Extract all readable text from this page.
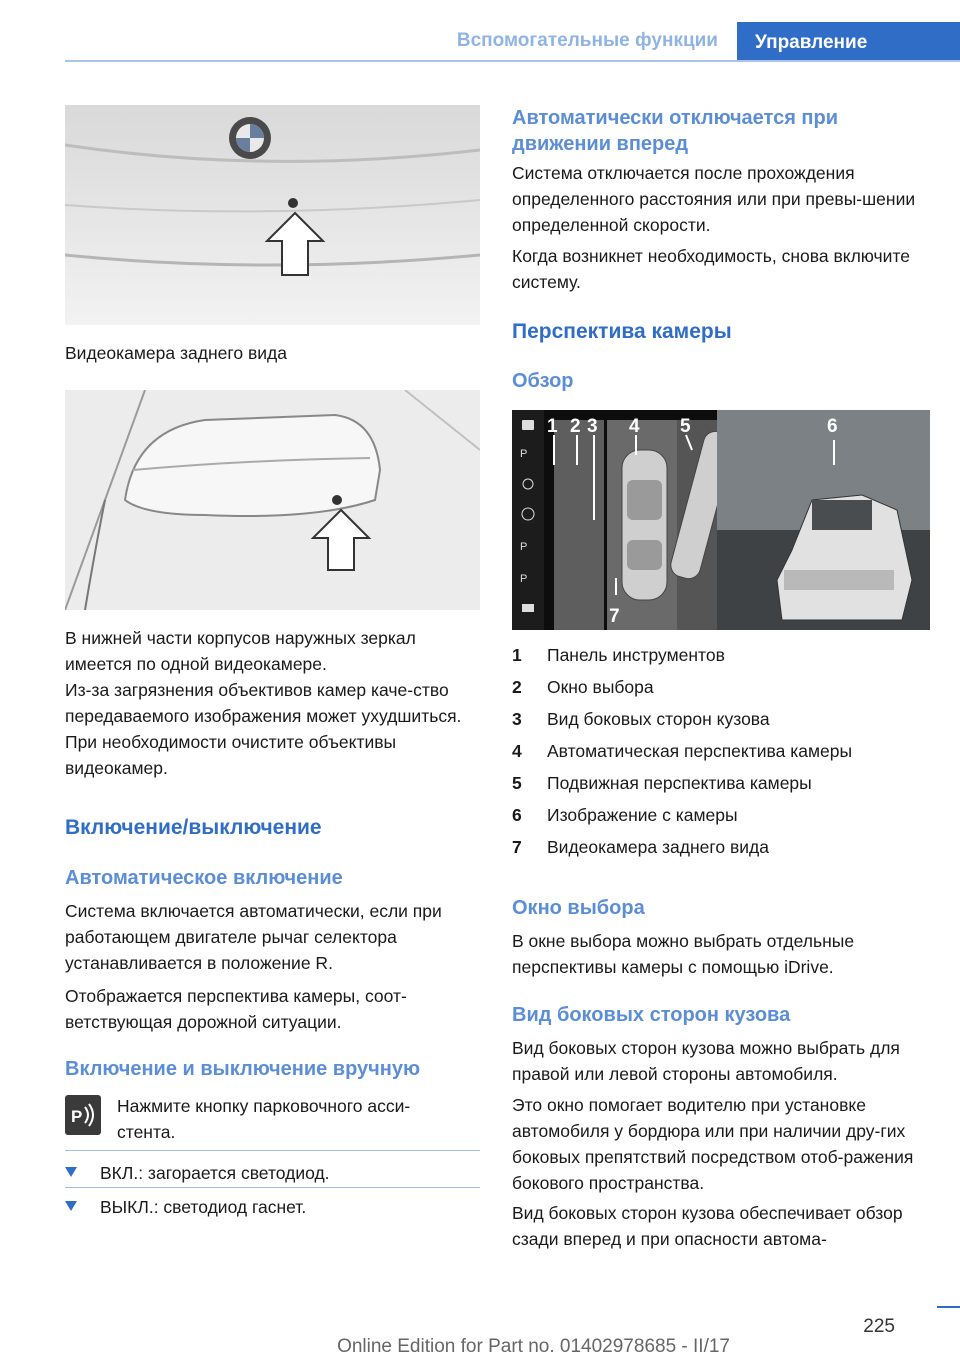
Вспомогательные функции	Управление

Видеокамера заднего вида

В нижней части корпусов наружных зеркал имеется по одной видеокамере.

Из-за загрязнения объективов камер каче-ство передаваемого изображения может ухудшиться. При необходимости очистите объективы видеокамер.

Включение/выключение
Автоматическое включение

Система включается автоматически, если при работающем двигателе рычаг селектора устанавливается в положение R.

Отображается перспектива камеры, соот-ветствующая дорожной ситуации.

Включение и выключение вручную
P

Нажмите кнопку парковочного асси-стента.

ВКЛ.: загорается светодиод.
ВЫКЛ.: светодиод гаснет.
Автоматически отключается при движении вперед

Система отключается после прохождения определенного расстояния или при превы-шении определенной скорости.

Когда возникнет необходимость, снова включите систему.

Перспектива камеры
Обзор
P
P
P
1 2 3 4 5	6
7
1 Панель инструментов
2 Окно выбора
3 Вид боковых сторон кузова
4 Автоматическая перспектива камеры
5 Подвижная перспектива камеры
6 Изображение с камеры
7 Видеокамера заднего вида
Окно выбора

В окне выбора можно выбрать отдельные перспективы камеры с помощью iDrive.

Вид боковых сторон кузова

Вид боковых сторон кузова можно выбрать для правой или левой стороны автомобиля.

Это окно помогает водителю при установке автомобиля у бордюра или при наличии дру-гих боковых препятствий посредством отоб-ражения бокового пространства.

Вид боковых сторон кузова обеспечивает обзор сзади вперед и при опасности автома-

225
Online Edition for Part no. 01402978685 - II/17
